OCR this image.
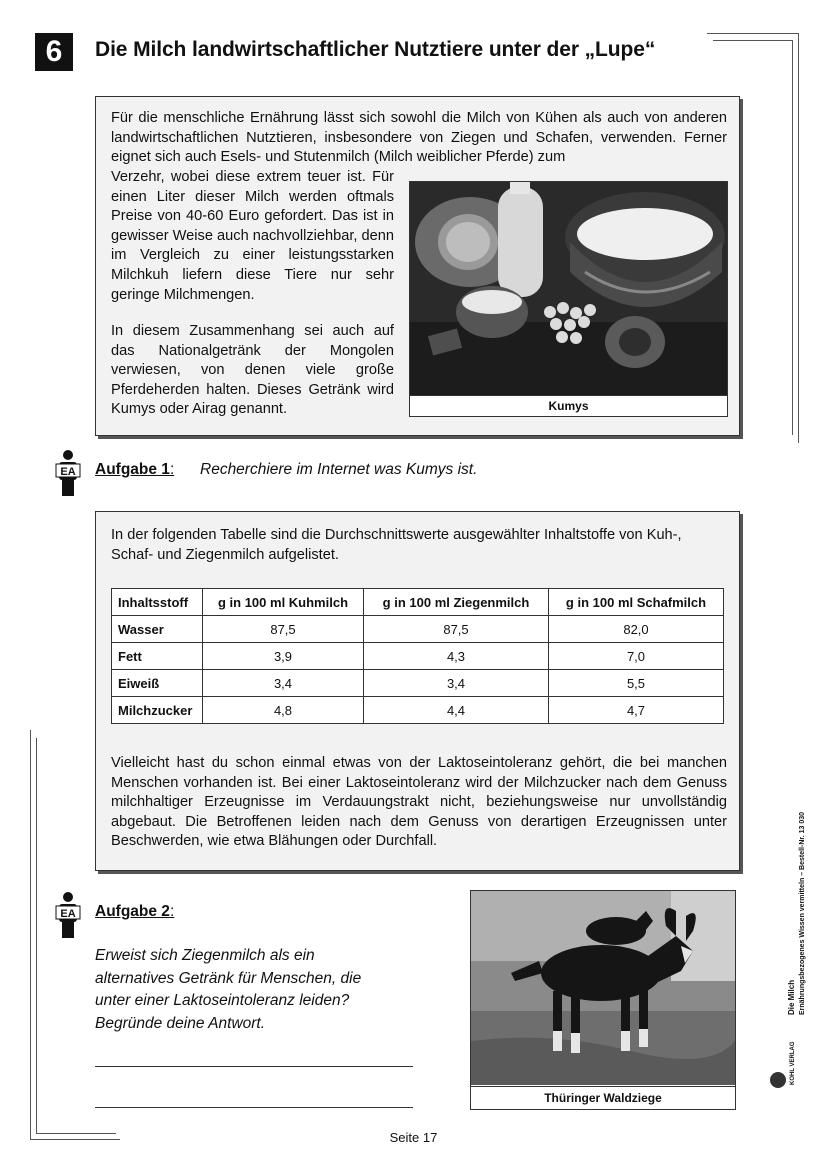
6	Die Milch landwirtschaftlicher Nutztiere unter der „Lupe“
Für die menschliche Ernährung lässt sich sowohl die Milch von Kühen als auch von anderen landwirtschaftlichen Nutztieren, insbesondere von Ziegen und Schafen, verwenden. Ferner eignet sich auch Esels- und Stutenmilch (Milch weiblicher Pferde) zum
Verzehr, wobei diese extrem teuer ist. Für einen Liter dieser Milch werden oftmals Preise von 40-60 Euro gefordert. Das ist in gewisser Weise auch nachvollziehbar, denn im Vergleich zu einer leistungsstarken Milchkuh liefern diese Tiere nur sehr geringe Milchmengen.
In diesem Zusammenhang sei auch auf das Nationalgetränk der Mongolen verwiesen, von denen viele große Pferdeherden halten. Dieses Getränk wird Kumys oder Airag genannt.	Kumys
EA Aufgabe 1: Recherchiere im Internet was Kumys ist.
In der folgenden Tabelle sind die Durchschnittswerte ausgewählter Inhaltstoffe von Kuh-, Schaf- und Ziegenmilch aufgelistet.
Inhaltsstoff	g in 100 ml Kuhmilch	g in 100 ml Ziegenmilch	g in 100 ml Schafmilch
Wasser	87,5	87,5	82,0
Fett	3,9	4,3	7,0
Eiweiß	3,4	3,4	5,5
Milchzucker	4,8	4,4	4,7
Vielleicht hast du schon einmal etwas von der Laktoseintoleranz gehört, die bei manchen Menschen vorhanden ist. Bei einer Laktoseintoleranz wird der Milchzucker nach dem Genuss milchhaltiger Erzeugnisse im Verdauungstrakt nicht, beziehungsweise nur unvollständig abgebaut. Die Betroffenen leiden nach dem Genuss von derartigen Erzeugnissen unter Beschwerden, wie etwa Blähungen oder Durchfall.
EA Aufgabe 2:
Erweist sich Ziegenmilch als ein alternatives Getränk für Menschen, die unter einer Laktoseintoleranz leiden? Begründe deine Antwort.
Thüringer Waldziege
Die Milch Ernährungsbezogenes Wissen vermitteln – Bestell-Nr. 13 030
KOHL VERLAG
Seite 17
